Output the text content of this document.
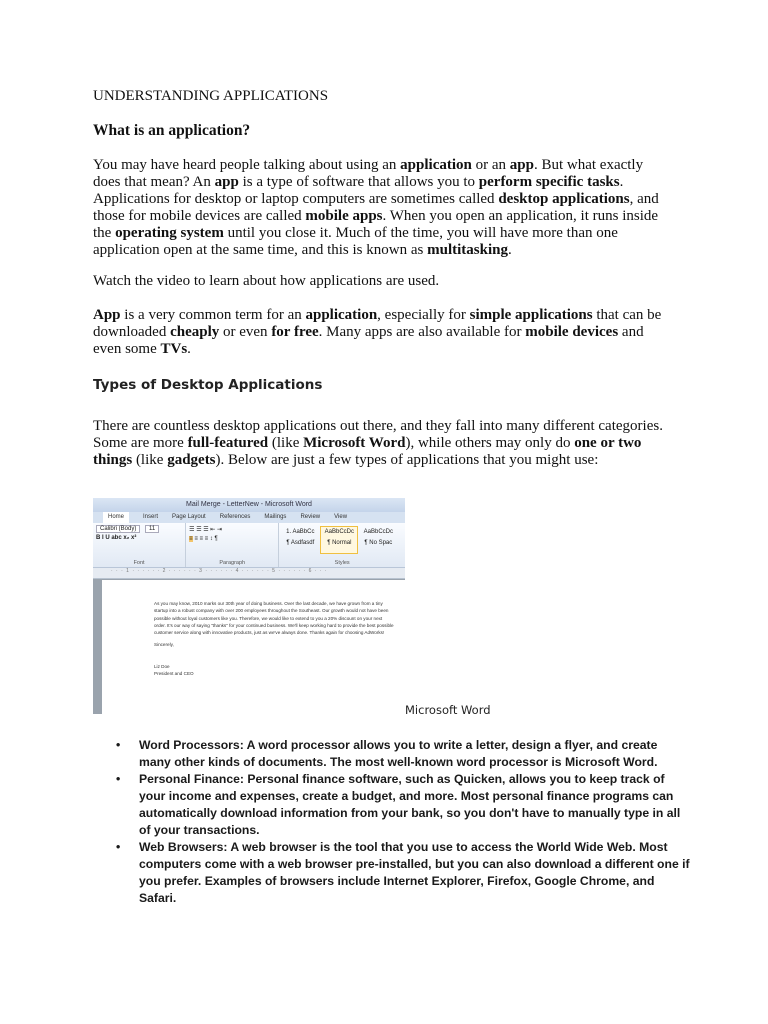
UNDERSTANDING APPLICATIONS
What is an application?
You may have heard people talking about using an application or an app. But what exactly does that mean? An app is a type of software that allows you to perform specific tasks. Applications for desktop or laptop computers are sometimes called desktop applications, and those for mobile devices are called mobile apps. When you open an application, it runs inside the operating system until you close it. Much of the time, you will have more than one application open at the same time, and this is known as multitasking.
Watch the video to learn about how applications are used.
App is a very common term for an application, especially for simple applications that can be downloaded cheaply or even for free. Many apps are also available for mobile devices and even some TVs.
Types of Desktop Applications
There are countless desktop applications out there, and they fall into many different categories. Some are more full-featured (like Microsoft Word), while others may only do one or two things (like gadgets). Below are just a few types of applications that you might use:
Mail Merge - LetterNew - Microsoft Word
Home	Insert Page Layout References Mailings Review View
Calibri (Body) 11
B I U abc x₂ x²
Font
☰ ☰ ☰ ⇤ ⇥
≡ ≡ ≡ ≡ ↕ ¶
Paragraph
1. AaBbCc
¶ Asdfasdf
AaBbCcDc
¶ Normal
AaBbCcDc
¶ No Spac
Styles
· · · 1 · · · · · · 2 · · · · · · 3 · · · · · · 4 · · · · · · 5 · · · · · · 6 · · ·

As you may know, 2010 marks our 30th year of doing business. Over the last decade, we have grown from a tiny startup into a robust company with over 200 employees throughout the Southeast. Our growth would not have been possible without loyal customers like you. Therefore, we would like to extend to you a 20% discount on your next order. It's our way of saying "thanks" for your continued business. We'll keep working hard to provide the best possible customer service along with innovative products, just as we've always done. Thanks again for choosing AdWorks!

Sincerely,

Liz Doe

President and CEO

Microsoft Word
• Word Processors: A word processor allows you to write a letter, design a flyer, and create many other kinds of documents. The most well-known word processor is Microsoft Word.
• Personal Finance: Personal finance software, such as Quicken, allows you to keep track of your income and expenses, create a budget, and more. Most personal finance programs can automatically download information from your bank, so you don't have to manually type in all of your transactions.
• Web Browsers: A web browser is the tool that you use to access the World Wide Web. Most computers come with a web browser pre-installed, but you can also download a different one if you prefer. Examples of browsers include Internet Explorer, Firefox, Google Chrome, and Safari.
